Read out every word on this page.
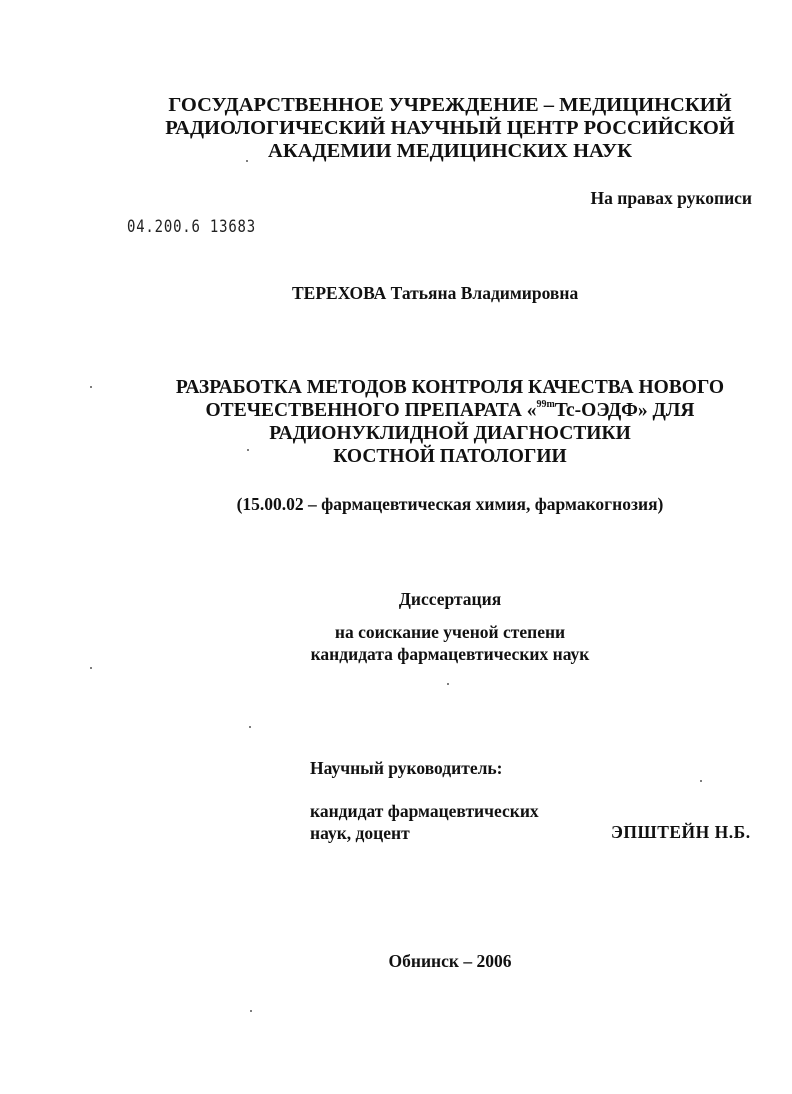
ГОСУДАРСТВЕННОЕ УЧРЕЖДЕНИЕ – МЕДИЦИНСКИЙ
РАДИОЛОГИЧЕСКИЙ НАУЧНЫЙ ЦЕНТР РОССИЙСКОЙ
АКАДЕМИИ МЕДИЦИНСКИХ НАУК
На правах рукописи
04.200.6 13683
ТЕРЕХОВА Татьяна Владимировна
РАЗРАБОТКА МЕТОДОВ КОНТРОЛЯ КАЧЕСТВА НОВОГО
ОТЕЧЕСТВЕННОГО ПРЕПАРАТА «$^{99m}$Tc-ОЭДФ» ДЛЯ
РАДИОНУКЛИДНОЙ ДИАГНОСТИКИ
КОСТНОЙ ПАТОЛОГИИ
(15.00.02 – фармацевтическая химия, фармакогнозия)
Диссертация
на соискание ученой степени
кандидата фармацевтических наук
Научный руководитель:
кандидат фармацевтических
наук, доцент	ЭПШТЕЙН Н.Б.
Обнинск – 2006
